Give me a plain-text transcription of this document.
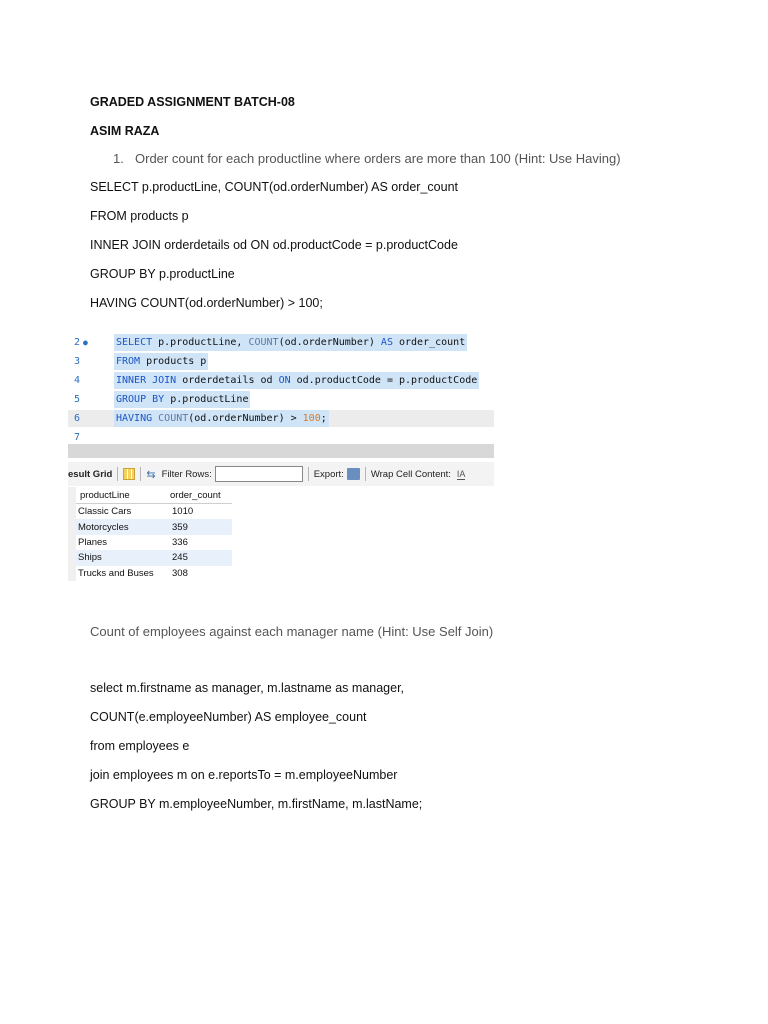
GRADED ASSIGNMENT BATCH-08
ASIM RAZA
1. Order count for each productline where orders are more than 100 (Hint: Use Having)
SELECT p.productLine, COUNT(od.orderNumber) AS order_count
FROM products p
INNER JOIN orderdetails od ON od.productCode = p.productCode
GROUP BY p.productLine
HAVING COUNT(od.orderNumber) > 100;
2 ●	SELECT p.productLine, COUNT(od.orderNumber) AS order_count
3	FROM products p
4	INNER JOIN orderdetails od ON od.productCode = p.productCode
5	GROUP BY p.productLine
6	HAVING COUNT(od.orderNumber) > 100;
7
esult Grid	⇆ Filter Rows:	Export:	Wrap Cell Content: IA
productLine	order_count
Classic Cars	1010
Motorcycles	359
Planes	336
Ships	245
Trucks and Buses	308
Count of employees against each manager name (Hint: Use Self Join)
select m.firstname as manager, m.lastname as manager,
COUNT(e.employeeNumber) AS employee_count
from employees e
join employees m on e.reportsTo = m.employeeNumber
GROUP BY m.employeeNumber, m.firstName, m.lastName;
